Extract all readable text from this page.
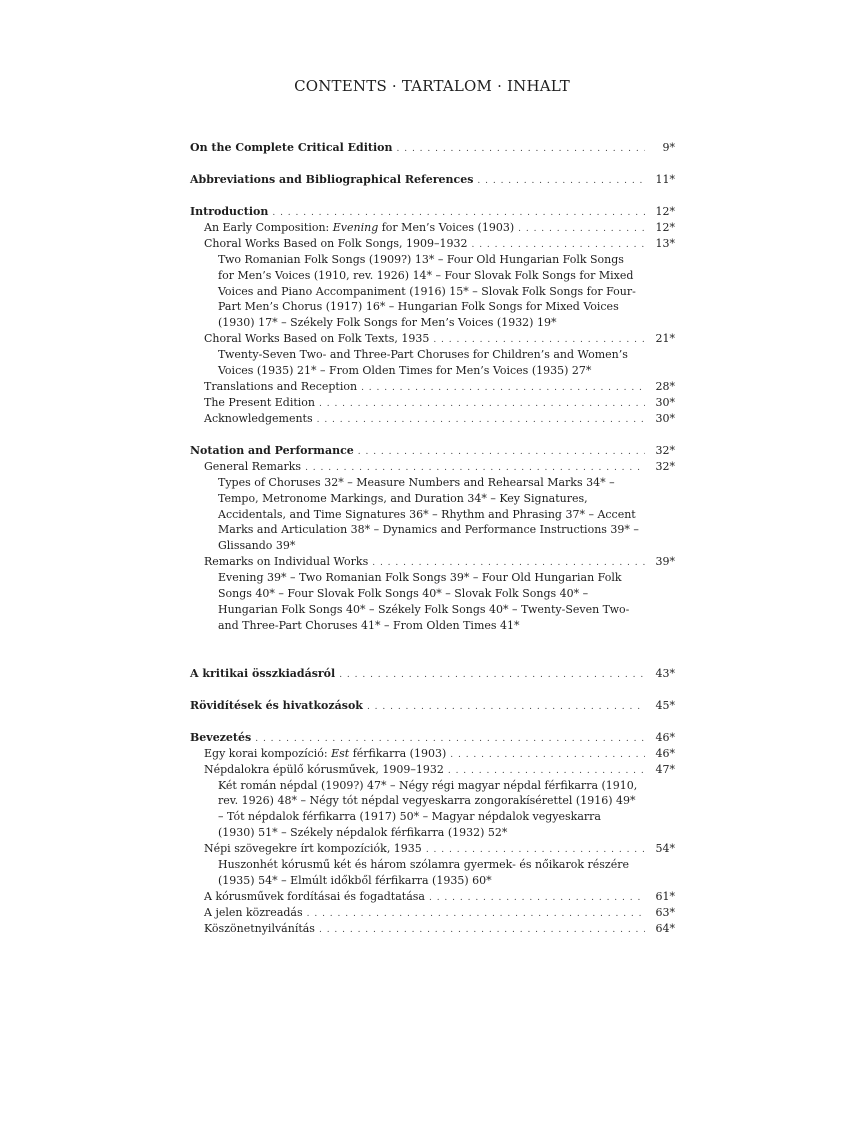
CONTENTS · TARTALOM · INHALT
On the Complete Critical Edition . . .	9*
Abbreviations and Bibliographical References . . .	11*
Introduction . . .	12*
An Early Composition: Evening for Men’s Voices (1903) . . .	12*
Choral Works Based on Folk Songs, 1909–1932 . . .	13*
Two Romanian Folk Songs (1909?) 13* – Four Old Hungarian Folk Songs for Men’s Voices (1910, rev. 1926) 14* – Four Slovak Folk Songs for Mixed Voices and Piano Accompaniment (1916) 15* – Slovak Folk Songs for Four-Part Men’s Chorus (1917) 16* – Hungarian Folk Songs for Mixed Voices (1930) 17* – Székely Folk Songs for Men’s Voices (1932) 19*
Choral Works Based on Folk Texts, 1935 . . .	21*
Twenty-Seven Two- and Three-Part Choruses for Children’s and Women’s Voices (1935) 21* – From Olden Times for Men’s Voices (1935) 27*
Translations and Reception . . .	28*
The Present Edition . . .	30*
Acknowledgements . . .	30*
Notation and Performance . . .	32*
General Remarks . . .	32*
Types of Choruses 32* – Measure Numbers and Rehearsal Marks 34* – Tempo, Metronome Markings, and Duration 34* – Key Signatures, Accidentals, and Time Signatures 36* – Rhythm and Phrasing 37* – Accent Marks and Articulation 38* – Dynamics and Performance Instructions 39* – Glissando 39*
Remarks on Individual Works . . .	39*
Evening 39* – Two Romanian Folk Songs 39* – Four Old Hungarian Folk Songs 40* – Four Slovak Folk Songs 40* – Slovak Folk Songs 40* – Hungarian Folk Songs 40* – Székely Folk Songs 40* – Twenty-Seven Two- and Three-Part Choruses 41* – From Olden Times 41*
A kritikai összkiadásról . . .	43*
Rövidítések és hivatkozások . . .	45*
Bevezetés . . .	46*
Egy korai kompozíció: Est férfikarra (1903) . . .	46*
Népdalokra épülő kórusművek, 1909–1932 . . .	47*
Két román népdal (1909?) 47* – Négy régi magyar népdal férfikarra (1910, rev. 1926) 48* – Négy tót népdal vegyeskarra zongorakísérettel (1916) 49* – Tót népdalok férfikarra (1917) 50* – Magyar népdalok vegyeskarra (1930) 51* – Székely népdalok férfikarra (1932) 52*
Népi szövegekre írt kompozíciók, 1935 . . .	54*
Huszonhét kórusmű két és három szólamra gyermek- és nőikarok részére (1935) 54* – Elmúlt időkből férfikarra (1935) 60*
A kórusművek fordításai és fogadtatása . . .	61*
A jelen közreadás . . .	63*
Köszönetnyilvánítás . . .	64*
